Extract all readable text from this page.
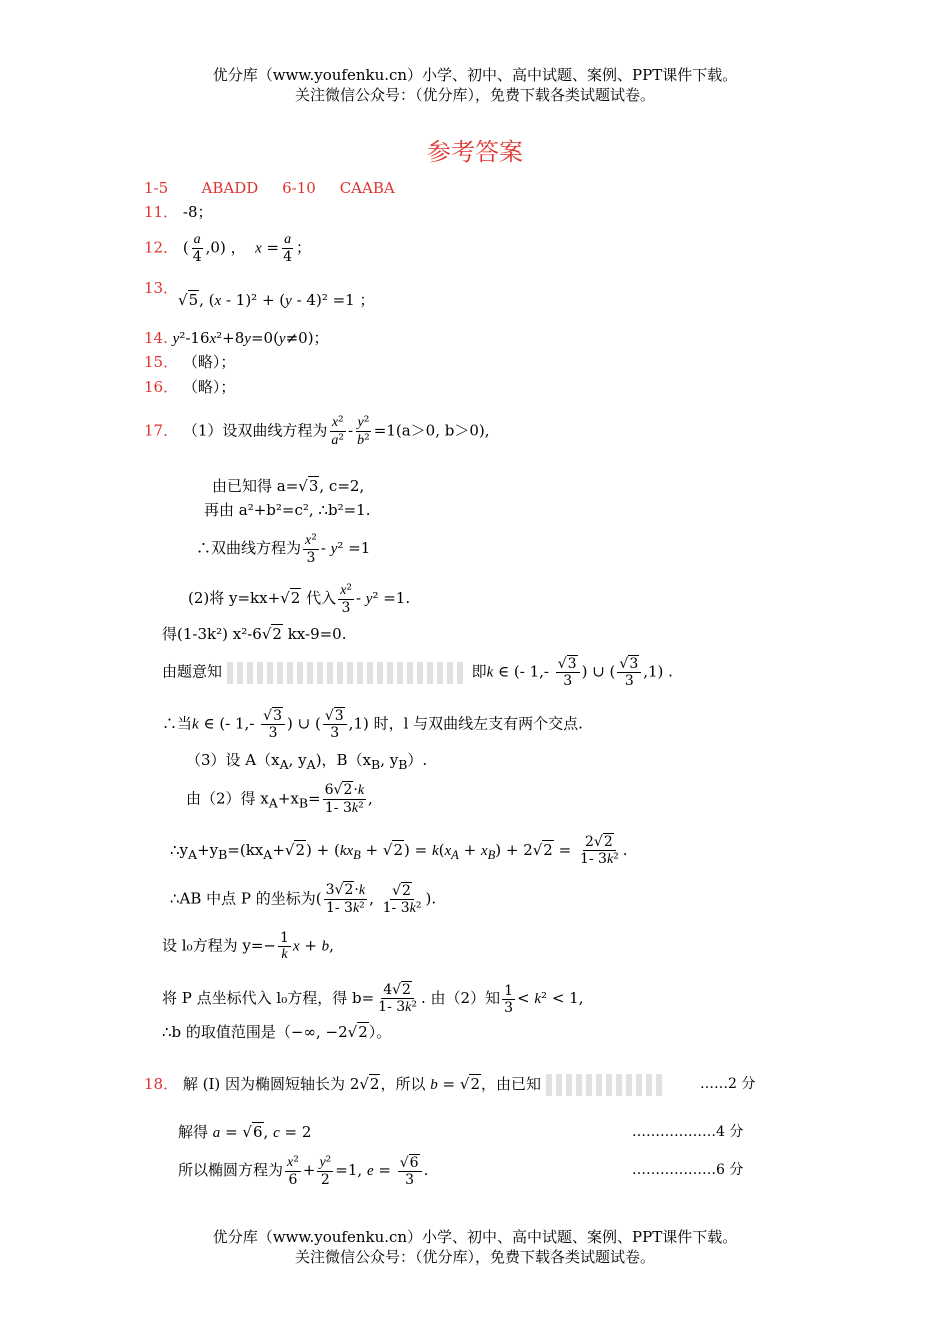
优分库（www.youfenku.cn）小学、初中、高中试题、案例、PPT课件下载。
关注微信公众号：（优分库），免费下载各类试题试卷。
参考答案
1-5 ABADD 6-10 CAABA
11． -8；
12． ( $\frac{a}{4} ,0$) ，  $x = \frac{a}{4}$ ；
13．
√5, (x - 1)² + (y - 4)² =1 ；
14. y²-16x²+8y=0(y≠0)；
15． （略）；
16． （略）；
17． （1）设双曲线方程为 $\frac{\text{x²}}{\text{a²}} - \frac{\text{y²}}{\text{b²}} =1(a>0$, b＞0),
由已知得 a=√3, c=2,
再由 a²+b²=c², ∴b²=1.
∴双曲线方程为 $\frac{\text{x²}}{3} - y^2 =1$
(2)将 y=kx+√2 代入 $\frac{\text{x²}}{3} - y^2 =1$.
得(1-3k²) x²-6√2 kx-9=0.
由题意知	即k ∈ (- $1,- \frac{√3}{3}$ ) ∪ ( $\frac{√3}{3} ,1$) .
∴当k ∈ (- $1,- \frac{√3}{3}$ ) ∪ ( $\frac{√3}{3} ,1$) 时，l 与双曲线左支有两个交点.
（3）设 $A(x_A$, $y_A$)，$B(x_B$, $y_B$）.
由（2）得 $x_A+x_B= \frac{6√2\cdot k}{\text{1- 3k²}}$ ,
$\therefore y_A+y_B=(kx_A+√2) + (kx_B + √2) = k(x_A + x_B) + 2√2 = \frac{2√2}{\text{1- 3k²}}$ .
∴AB 中点 P 的坐标为( $\frac{3√2\cdot k}{\text{1- 3k²}}$ , $\frac{√2}{\text{1- 3k²}}$ ).
设 l₀方程为 $y=- \frac{1}{k}$ x + b,
将 P 点坐标代入 l₀方程，得 $b= \frac{4√2}{\text{1- 3k²}}$ . 由（2）知 $\frac{1}{3} < k^2 < 1$,
∴b 的取值范围是（−∞, −2√2）。
18． 解 (I) 因为椭圆短轴长为 2√2，所以 b = √2，由已知	……2 分
解得 a = √6, c = 2	………………4 分
所以椭圆方程为 $\frac{\text{x²}}{6} + \frac{\text{y²}}{2} =1$, $e = \frac{√6}{3}$ .	………………6 分
优分库（www.youfenku.cn）小学、初中、高中试题、案例、PPT课件下载。
关注微信公众号：（优分库），免费下载各类试题试卷。
